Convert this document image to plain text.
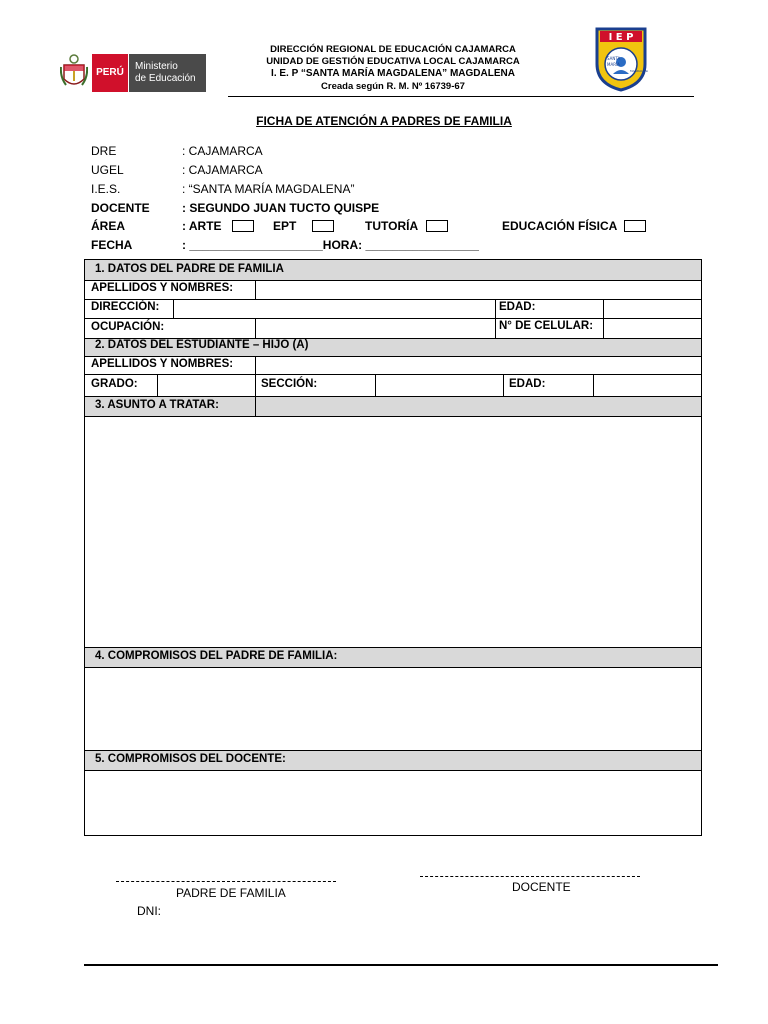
PERÚ
Ministerio
de Educación
DIRECCIÓN REGIONAL DE EDUCACIÓN CAJAMARCA
UNIDAD DE GESTIÓN EDUCATIVA LOCAL CAJAMARCA
I. E. P “SANTA MARÍA MAGDALENA” MAGDALENA
Creada según R. M. Nº 16739-67
I E P
SANTA
MARÍA
MAGDALENA
FICHA DE ATENCIÓN A PADRES DE FAMILIA
DRE	: CAJAMARCA
UGEL	: CAJAMARCA
I.E.S.	: “SANTA MARÍA MAGDALENA”
DOCENTE	: SEGUNDO JUAN TUCTO QUISPE
ÁREA	: ARTE	EPT	TUTORÍA	EDUCACIÓN FÍSICA
FECHA	: ____________________HORA: _________________
1. DATOS DEL PADRE DE FAMILIA
APELLIDOS Y NOMBRES:
DIRECCIÓN:	EDAD:
OCUPACIÓN:	N° DE CELULAR:
2. DATOS DEL ESTUDIANTE – HIJO (A)
APELLIDOS Y NOMBRES:
GRADO:	SECCIÓN:	EDAD:
3. ASUNTO A TRATAR:
4. COMPROMISOS DEL PADRE DE FAMILIA:
5. COMPROMISOS DEL DOCENTE:
PADRE DE FAMILIA
DNI:
DOCENTE
